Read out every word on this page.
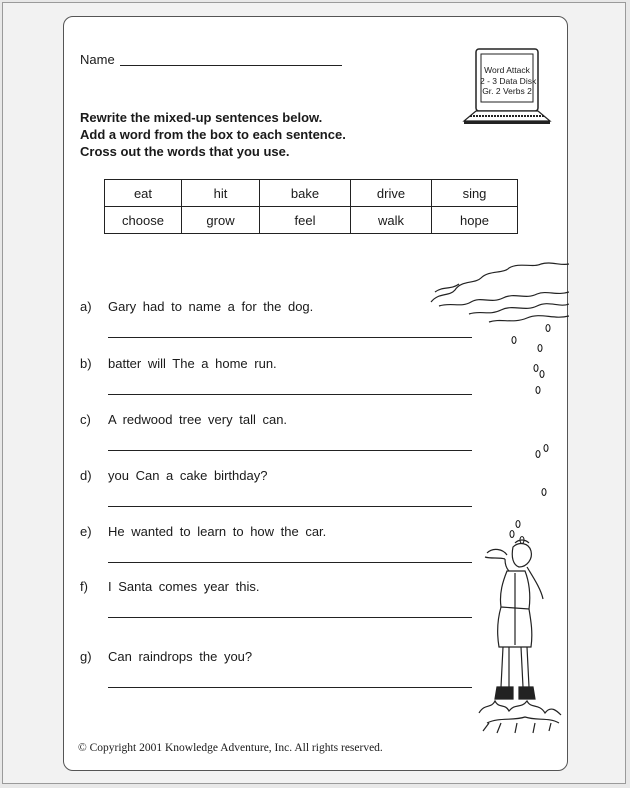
Name
Word Attack
2 - 3 Data Disk
Gr. 2 Verbs 2
Rewrite the mixed-up sentences below.
Add a word from the box to each sentence.
Cross out the words that you use.
eat	hit	bake	drive	sing
choose	grow	feel	walk	hope
a) Gary had to name a for the dog.
b) batter will The a home run.
c) A redwood tree very tall can.
d) you Can a cake birthday?
e) He wanted to learn to how the car.
f) I Santa comes year this.
g) Can raindrops the you?
© Copyright 2001 Knowledge Adventure, Inc. All rights reserved.
